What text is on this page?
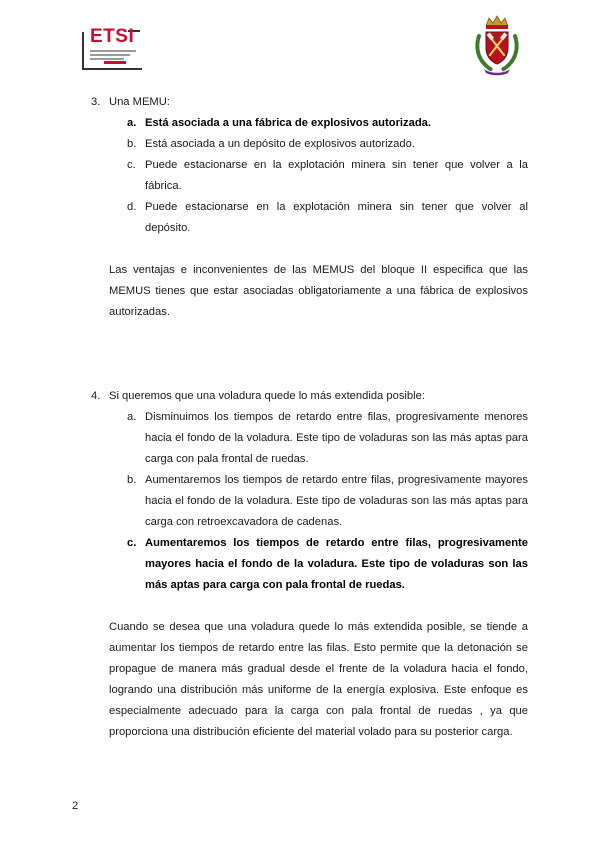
ETSI
3. Una MEMU:
a. Está asociada a una fábrica de explosivos autorizada.
b. Está asociada a un depósito de explosivos autorizado.
c. Puede estacionarse en la explotación minera sin tener que volver a la fábrica.
d. Puede estacionarse en la explotación minera sin tener que volver al depósito.

Las ventajas e inconvenientes de las MEMUS del bloque II especifica que las MEMUS tienes que estar asociadas obligatoriamente a una fábrica de explosivos autorizadas.

4. Si queremos que una voladura quede lo más extendida posible:
a. Disminuimos los tiempos de retardo entre filas, progresivamente menores hacia el fondo de la voladura. Este tipo de voladuras son las más aptas para carga con pala frontal de ruedas.
b. Aumentaremos los tiempos de retardo entre filas, progresivamente mayores hacia el fondo de la voladura. Este tipo de voladuras son las más aptas para carga con retroexcavadora de cadenas.
c. Aumentaremos los tiempos de retardo entre filas, progresivamente mayores hacia el fondo de la voladura. Este tipo de voladuras son las más aptas para carga con pala frontal de ruedas.

Cuando se desea que una voladura quede lo más extendida posible, se tiende a aumentar los tiempos de retardo entre las filas. Esto permite que la detonación se propague de manera más gradual desde el frente de la voladura hacia el fondo, logrando una distribución más uniforme de la energía explosiva. Este enfoque es especialmente adecuado para la carga con pala frontal de ruedas , ya que proporciona una distribución eficiente del material volado para su posterior carga.

2
